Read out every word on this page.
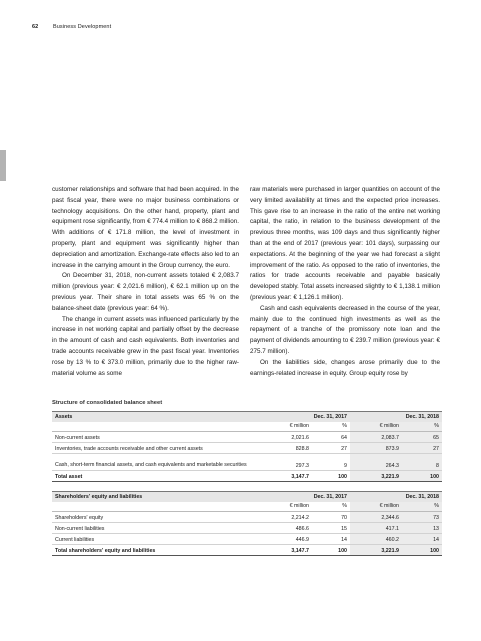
62	Business Development

customer relationships and software that had been acquired. In the past fiscal year, there were no major business combinations or technology acquisitions. On the other hand, property, plant and equipment rose significantly, from € 774.4 million to € 868.2 million. With additions of € 171.8 million, the level of investment in property, plant and equipment was significantly higher than depreciation and amortization. Exchange-rate effects also led to an increase in the carrying amount in the Group currency, the euro.

On December 31, 2018, non-current assets totaled € 2,083.7 million (previous year: € 2,021.6 million), € 62.1 million up on the previous year. Their share in total assets was 65 % on the balance-sheet date (previous year: 64 %).

The change in current assets was influenced particularly by the increase in net working capital and partially offset by the decrease in the amount of cash and cash equivalents. Both inventories and trade accounts receivable grew in the past fiscal year. Inventories rose by 13 % to € 373.0 million, primarily due to the higher raw-material volume as some

raw materials were purchased in larger quantities on account of the very limited availability at times and the expected price increases. This gave rise to an increase in the ratio of the entire net working capital, the ratio, in relation to the business development of the previous three months, was 109 days and thus significantly higher than at the end of 2017 (previous year: 101 days), surpassing our expectations. At the beginning of the year we had forecast a slight improvement of the ratio. As opposed to the ratio of inventories, the ratios for trade accounts receivable and payable basically developed stably. Total assets increased slightly to € 1,138.1 million (previous year: € 1,126.1 million).

Cash and cash equivalents decreased in the course of the year, mainly due to the continued high investments as well as the repayment of a tranche of the promissory note loan and the payment of dividends amounting to € 239.7 million (previous year: € 275.7 million).

On the liabilities side, changes arose primarily due to the earnings-related increase in equity. Group equity rose by

Structure of consolidated balance sheet
Assets	Dec. 31, 2017		Dec. 31, 2018	
	€ million	%	€ million	%
Non-current assets	2,021.6	64	2,083.7	65
Inventories, trade accounts receivable and other current assets	828.8	27	873.9	27
Cash, short-term financial assets, and cash equivalents and marketable securities	297.3	9	264.3	8
Total asset	3,147.7	100	3,221.9	100
Shareholders' equity and liabilities	Dec. 31, 2017		Dec. 31, 2018	
	€ million	%	€ million	%
Shareholders' equity	2,214.2	70	2,344.6	73
Non-current liabilities	486.6	15	417.1	13
Current liabilities	446.9	14	460.2	14
Total shareholders' equity and liabilities	3,147.7	100	3,221.9	100
